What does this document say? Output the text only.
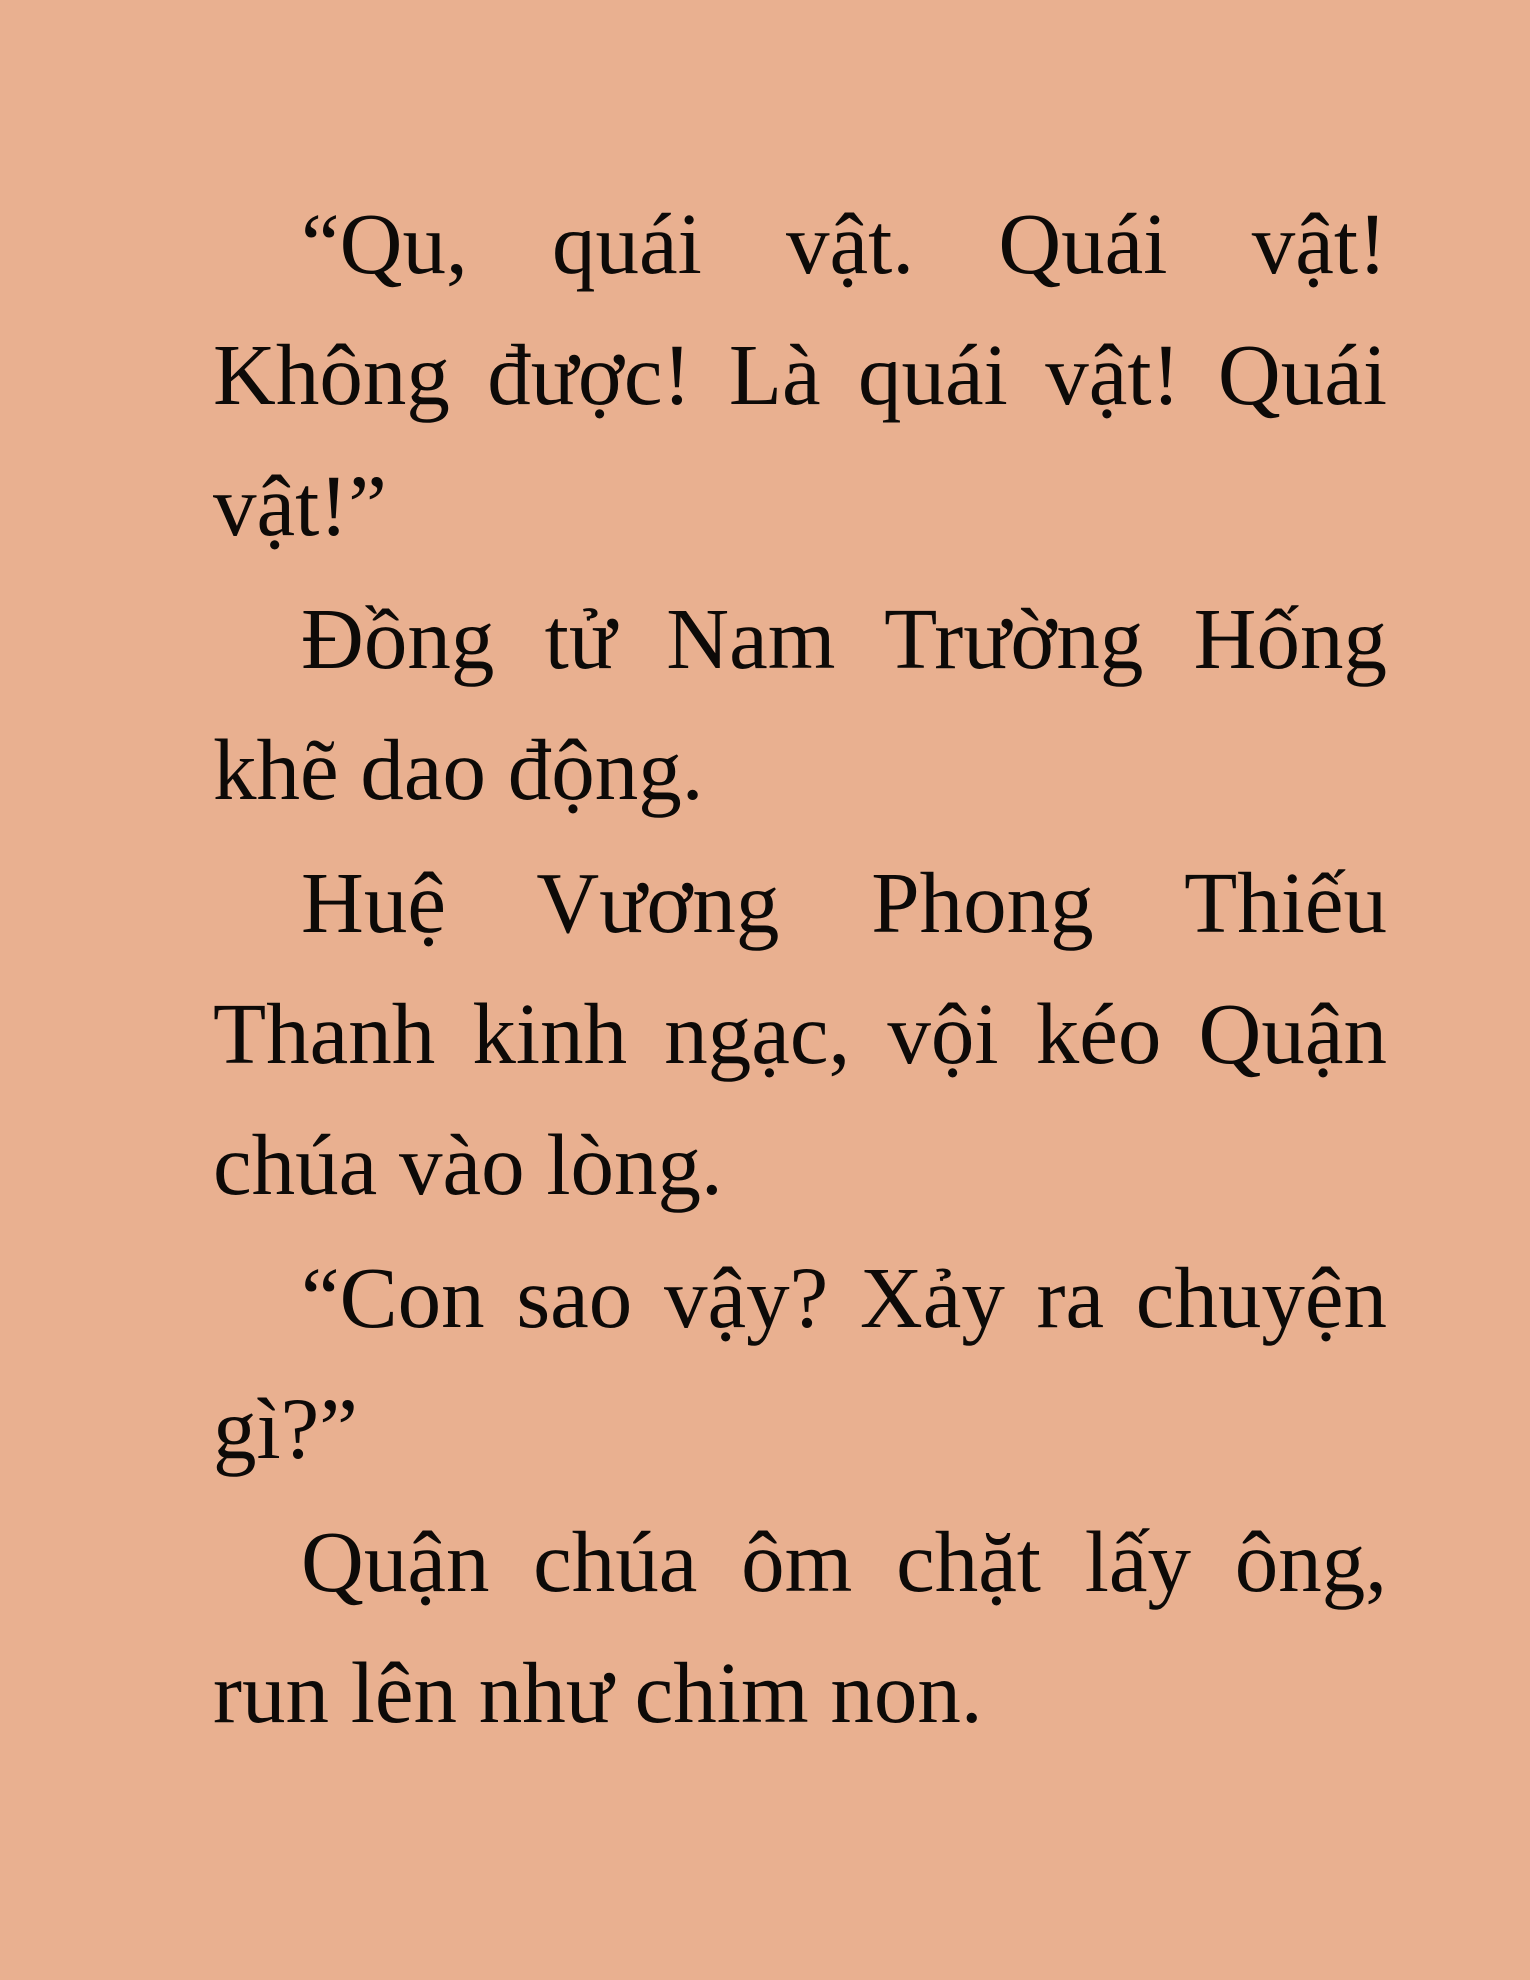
“Qu, quái vật. Quái vật! Không được! Là quái vật! Quái vật!”

Đồng tử Nam Trường Hống khẽ dao động.

Huệ Vương Phong Thiếu Thanh kinh ngạc, vội kéo Quận chúa vào lòng.

“Con sao vậy? Xảy ra chuyện gì?”

Quận chúa ôm chặt lấy ông, run lên như chim non.
